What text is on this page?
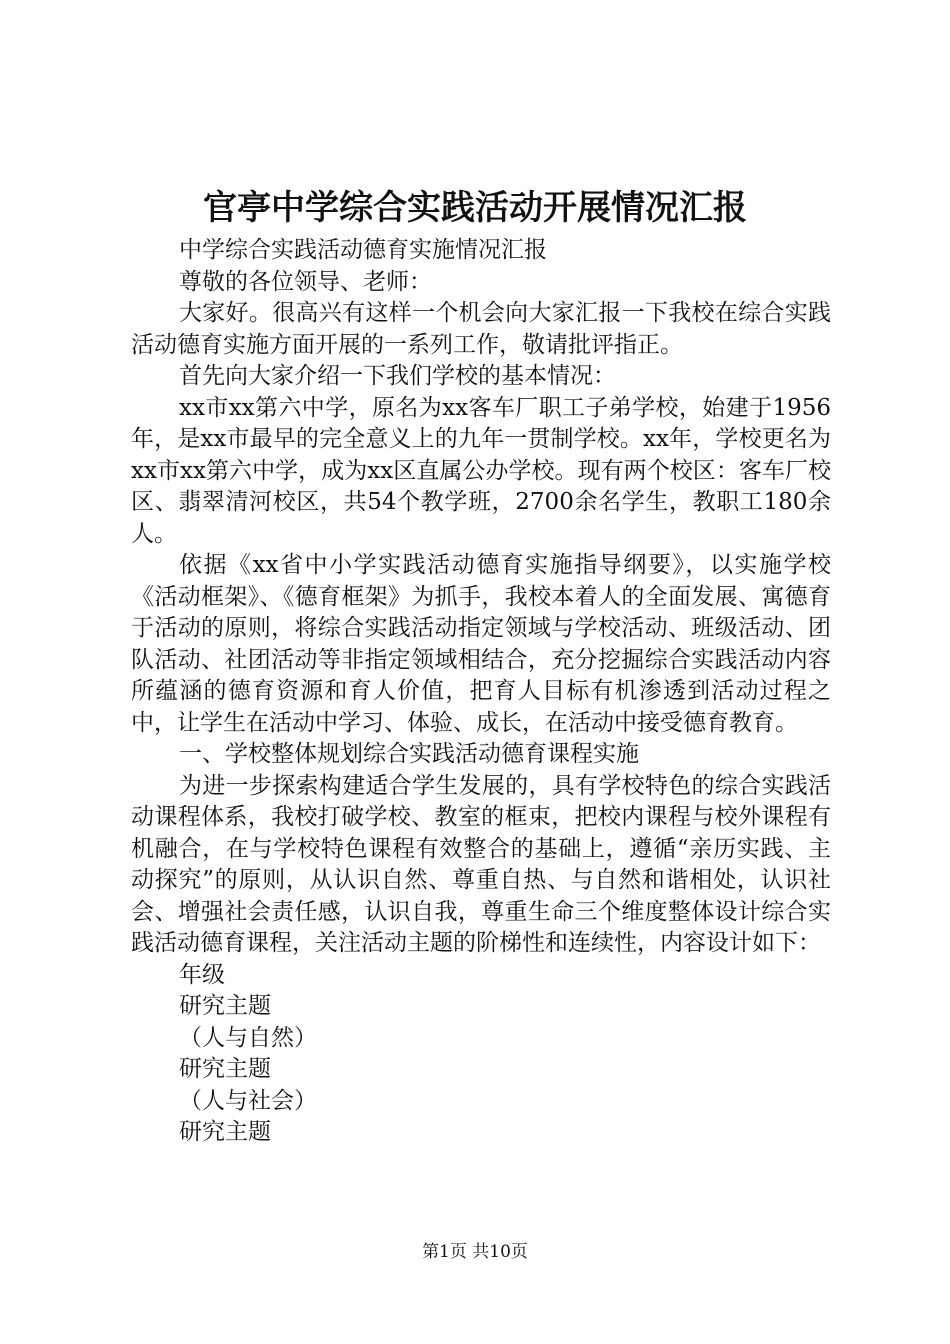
官亭中学综合实践活动开展情况汇报

中学综合实践活动德育实施情况汇报

尊敬的各位领导、老师：

大家好。很高兴有这样一个机会向大家汇报一下我校在综合实践活动德育实施方面开展的一系列工作，敬请批评指正。

首先向大家介绍一下我们学校的基本情况：

xx市xx第六中学，原名为xx客车厂职工子弟学校，始建于1956年，是xx市最早的完全意义上的九年一贯制学校。xx年，学校更名为xx市xx第六中学，成为xx区直属公办学校。现有两个校区：客车厂校区、翡翠清河校区，共54个教学班，2700余名学生，教职工180余人。

依据《xx省中小学实践活动德育实施指导纲要》，以实施学校《活动框架》、《德育框架》为抓手，我校本着人的全面发展、寓德育于活动的原则，将综合实践活动指定领域与学校活动、班级活动、团队活动、社团活动等非指定领域相结合，充分挖掘综合实践活动内容所蕴涵的德育资源和育人价值，把育人目标有机渗透到活动过程之中，让学生在活动中学习、体验、成长，在活动中接受德育教育。

一、学校整体规划综合实践活动德育课程实施

为进一步探索构建适合学生发展的，具有学校特色的综合实践活动课程体系，我校打破学校、教室的框束，把校内课程与校外课程有机融合，在与学校特色课程有效整合的基础上，遵循“亲历实践、主动探究”的原则，从认识自然、尊重自热、与自然和谐相处，认识社会、增强社会责任感，认识自我，尊重生命三个维度整体设计综合实践活动德育课程，关注活动主题的阶梯性和连续性，内容设计如下：

年级

研究主题

（人与自然）

研究主题

（人与社会）

研究主题

第1页 共10页
